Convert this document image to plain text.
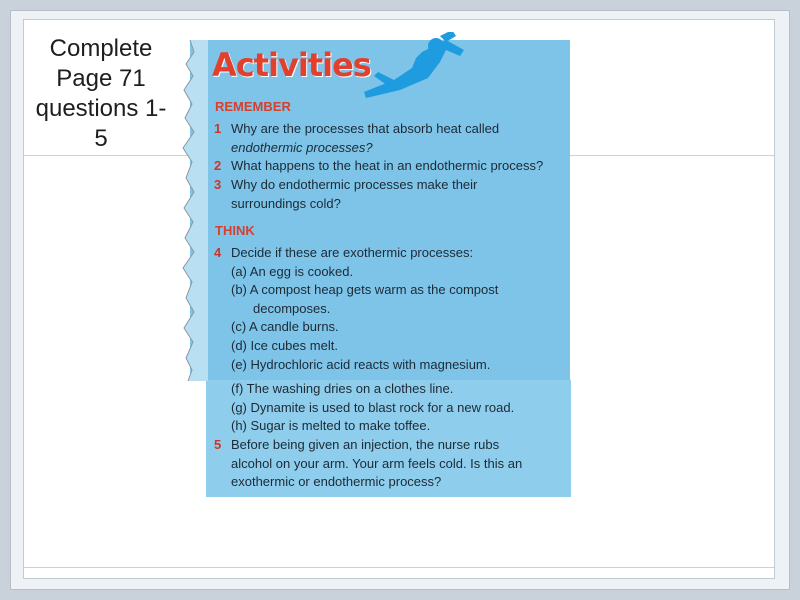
Complete
Page 71
questions 1-
5
Activities
REMEMBER

1 Why are the processes that absorb heat called
endothermic processes?

2 What happens to the heat in an endothermic process?

3 Why do endothermic processes make their
surroundings cold?

THINK

4 Decide if these are exothermic processes:
(a) An egg is cooked.
(b) A compost heap gets warm as the compost
decomposes.
(c) A candle burns.
(d) Ice cubes melt.
(e) Hydrochloric acid reacts with magnesium.

(f) The washing dries on a clothes line.
(g) Dynamite is used to blast rock for a new road.
(h) Sugar is melted to make toffee.

5 Before being given an injection, the nurse rubs
alcohol on your arm. Your arm feels cold. Is this an
exothermic or endothermic process?
